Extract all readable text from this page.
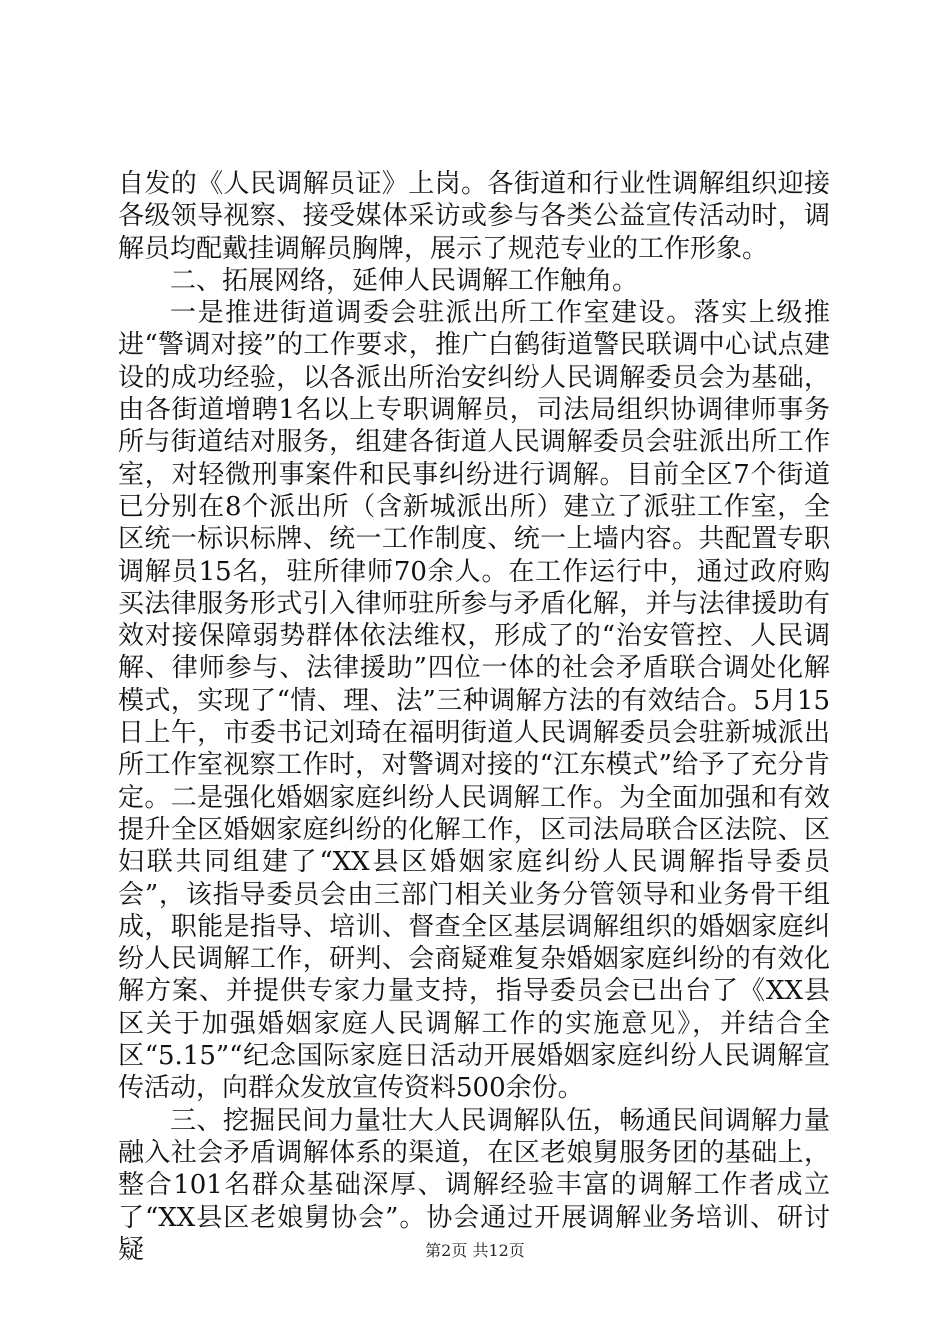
自发的《人民调解员证》上岗。各街道和行业性调解组织迎接各级领导视察、接受媒体采访或参与各类公益宣传活动时，调解员均配戴挂调解员胸牌，展示了规范专业的工作形象。

二、拓展网络，延伸人民调解工作触角。

一是推进街道调委会驻派出所工作室建设。落实上级推进“警调对接”的工作要求，推广白鹤街道警民联调中心试点建设的成功经验，以各派出所治安纠纷人民调解委员会为基础，由各街道增聘1名以上专职调解员，司法局组织协调律师事务所与街道结对服务，组建各街道人民调解委员会驻派出所工作室，对轻微刑事案件和民事纠纷进行调解。目前全区7个街道已分别在8个派出所（含新城派出所）建立了派驻工作室，全区统一标识标牌、统一工作制度、统一上墙内容。共配置专职调解员15名，驻所律师70余人。在工作运行中，通过政府购买法律服务形式引入律师驻所参与矛盾化解，并与法律援助有效对接保障弱势群体依法维权，形成了的“治安管控、人民调解、律师参与、法律援助”四位一体的社会矛盾联合调处化解模式，实现了“情、理、法”三种调解方法的有效结合。5月15日上午，市委书记刘琦在福明街道人民调解委员会驻新城派出所工作室视察工作时，对警调对接的“江东模式”给予了充分肯定。二是强化婚姻家庭纠纷人民调解工作。为全面加强和有效提升全区婚姻家庭纠纷的化解工作，区司法局联合区法院、区妇联共同组建了“XX县区婚姻家庭纠纷人民调解指导委员会”，该指导委员会由三部门相关业务分管领导和业务骨干组成，职能是指导、培训、督查全区基层调解组织的婚姻家庭纠纷人民调解工作，研判、会商疑难复杂婚姻家庭纠纷的有效化解方案、并提供专家力量支持，指导委员会已出台了《XX县区关于加强婚姻家庭人民调解工作的实施意见》，并结合全区“5.15”“纪念国际家庭日活动开展婚姻家庭纠纷人民调解宣传活动，向群众发放宣传资料500余份。

三、挖掘民间力量壮大人民调解队伍，畅通民间调解力量融入社会矛盾调解体系的渠道，在区老娘舅服务团的基础上，整合101名群众基础深厚、调解经验丰富的调解工作者成立了“XX县区老娘舅协会”。协会通过开展调解业务培训、研讨疑	第2页 共12页
